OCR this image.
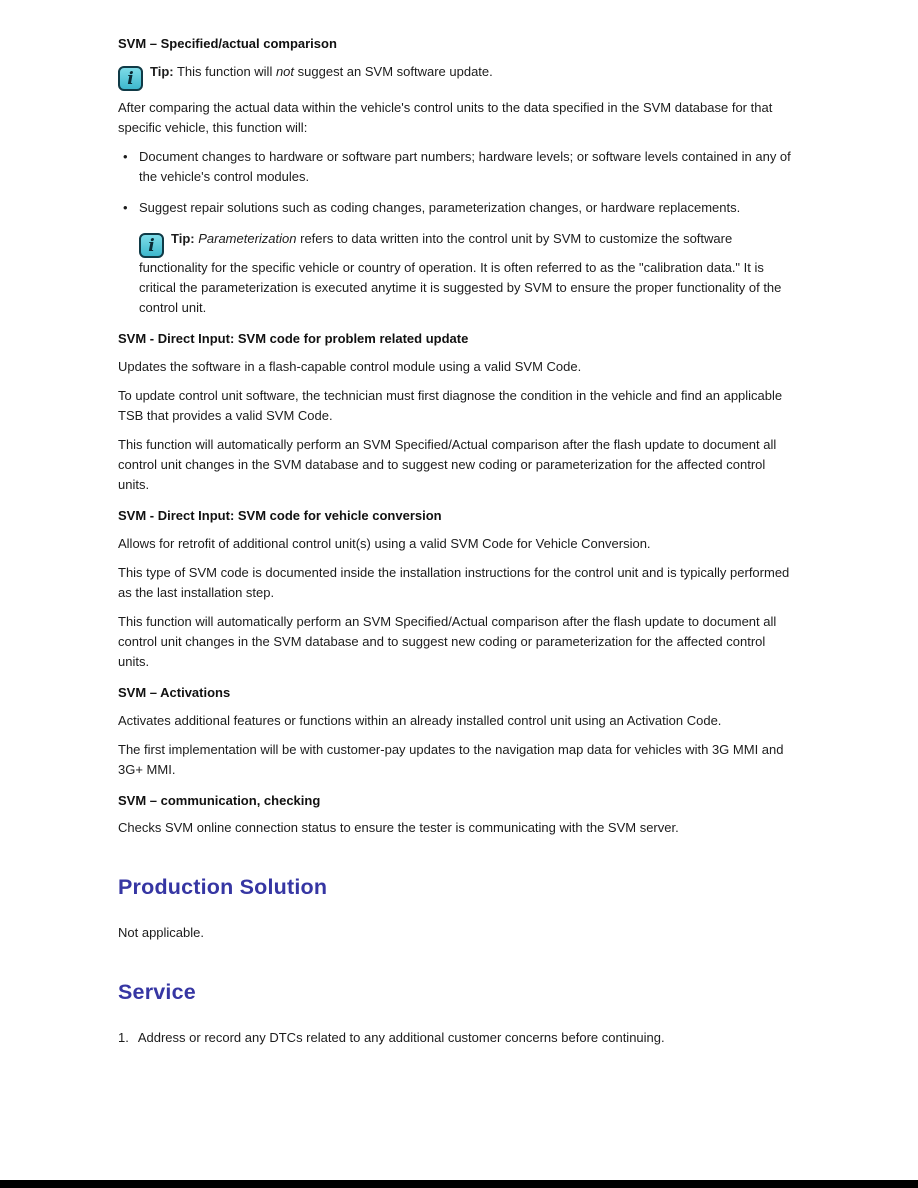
SVM – Specified/actual comparison

i Tip: This function will not suggest an SVM software update.

After comparing the actual data within the vehicle's control units to the data specified in the SVM database for that specific vehicle, this function will:

• Document changes to hardware or software part numbers; hardware levels; or software levels contained in any of the vehicle's control modules.
• Suggest repair solutions such as coding changes, parameterization changes, or hardware replacements.

i Tip: Parameterization refers to data written into the control unit by SVM to customize the software functionality for the specific vehicle or country of operation. It is often referred to as the "calibration data." It is critical the parameterization is executed anytime it is suggested by SVM to ensure the proper functionality of the control unit.

SVM - Direct Input: SVM code for problem related update

Updates the software in a flash-capable control module using a valid SVM Code.

To update control unit software, the technician must first diagnose the condition in the vehicle and find an applicable TSB that provides a valid SVM Code.

This function will automatically perform an SVM Specified/Actual comparison after the flash update to document all control unit changes in the SVM database and to suggest new coding or parameterization for the affected control units.

SVM - Direct Input: SVM code for vehicle conversion

Allows for retrofit of additional control unit(s) using a valid SVM Code for Vehicle Conversion.

This type of SVM code is documented inside the installation instructions for the control unit and is typically performed as the last installation step.

This function will automatically perform an SVM Specified/Actual comparison after the flash update to document all control unit changes in the SVM database and to suggest new coding or parameterization for the affected control units.

SVM – Activations

Activates additional features or functions within an already installed control unit using an Activation Code.

The first implementation will be with customer-pay updates to the navigation map data for vehicles with 3G MMI and 3G+ MMI.

SVM – communication, checking

Checks SVM online connection status to ensure the tester is communicating with the SVM server.

Production Solution

Not applicable.

Service

1. Address or record any DTCs related to any additional customer concerns before continuing.
